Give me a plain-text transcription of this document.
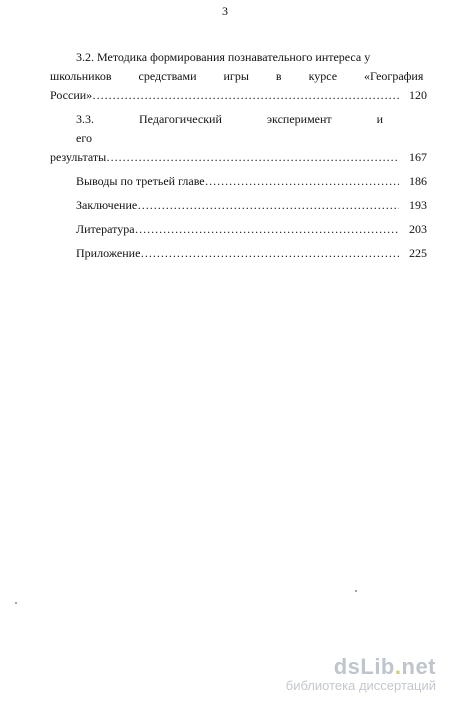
3
3.2. Методика формирования познавательного интереса у
школьников средствами игры в курсе «География
России» ………………………………………………………………………………………………………………	120
3.3. Педагогический эксперимент и его
результаты ………………………………………………………………………………………………………………	167
Выводы по третьей главе ………………………………………………………………………………………………………………	186
Заключение ………………………………………………………………………………………………………………	193
Литература ………………………………………………………………………………………………………………	203
Приложение ………………………………………………………………………………………………………………	225
dsLib.net
библиотека диссертаций
